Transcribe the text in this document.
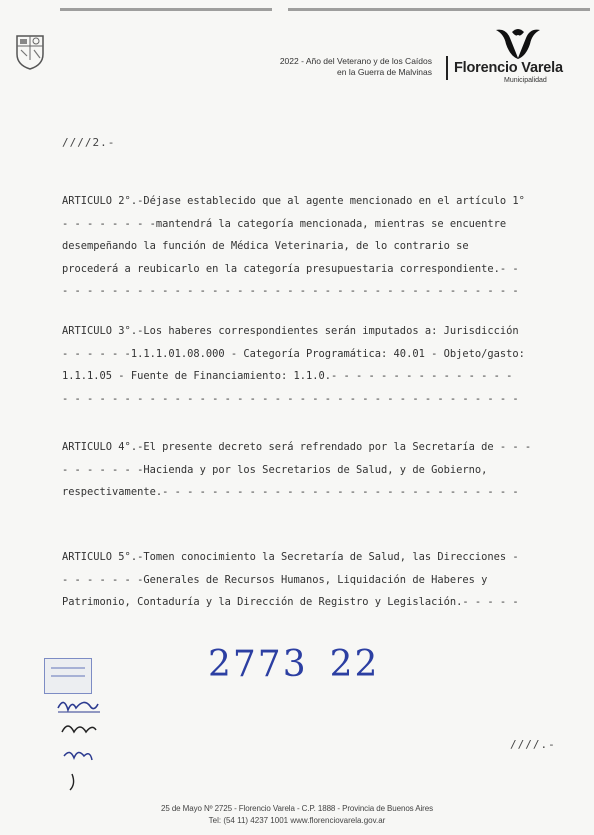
2022 - Año del Veterano y de los Caídos
en la Guerra de Malvinas Florencio Varela
Municipalidad
////2.-
ARTICULO 2°.-Déjase establecido que al agente mencionado en el artículo 1°
- - - - - - - -mantendrá la categoría mencionada, mientras se encuentre
desempeñando la función de Médica Veterinaria, de lo contrario se
procederá a reubicarlo en la categoría presupuestaria correspondiente.- -
- - - - - - - - - - - - - - - - - - - - - - - - - - - - - - - - - - - - -
ARTICULO 3°.-Los haberes correspondientes serán imputados a: Jurisdicción
- - - - - -1.1.1.01.08.000 - Categoría Programática: 40.01 - Objeto/gasto:
1.1.1.05 - Fuente de Financiamiento: 1.1.0.- - - - - - - - - - - - - - -
- - - - - - - - - - - - - - - - - - - - - - - - - - - - - - - - - - - - -
ARTICULO 4°.-El presente decreto será refrendado por la Secretaría de - - -
- - - - - - -Hacienda y por los Secretarios de Salud, y de Gobierno,
respectivamente.- - - - - - - - - - - - - - - - - - - - - - - - - - - - -
ARTICULO 5°.-Tomen conocimiento la Secretaría de Salud, las Direcciones -
- - - - - - -Generales de Recursos Humanos, Liquidación de Haberes y
Patrimonio, Contaduría y la Dirección de Registro y Legislación.- - - - -
2773 22
////.-
25 de Mayo Nº 2725 - Florencio Varela - C.P. 1888 - Provincia de Buenos Aires
Tel: (54 11) 4237 1001 www.florenciovarela.gov.ar
